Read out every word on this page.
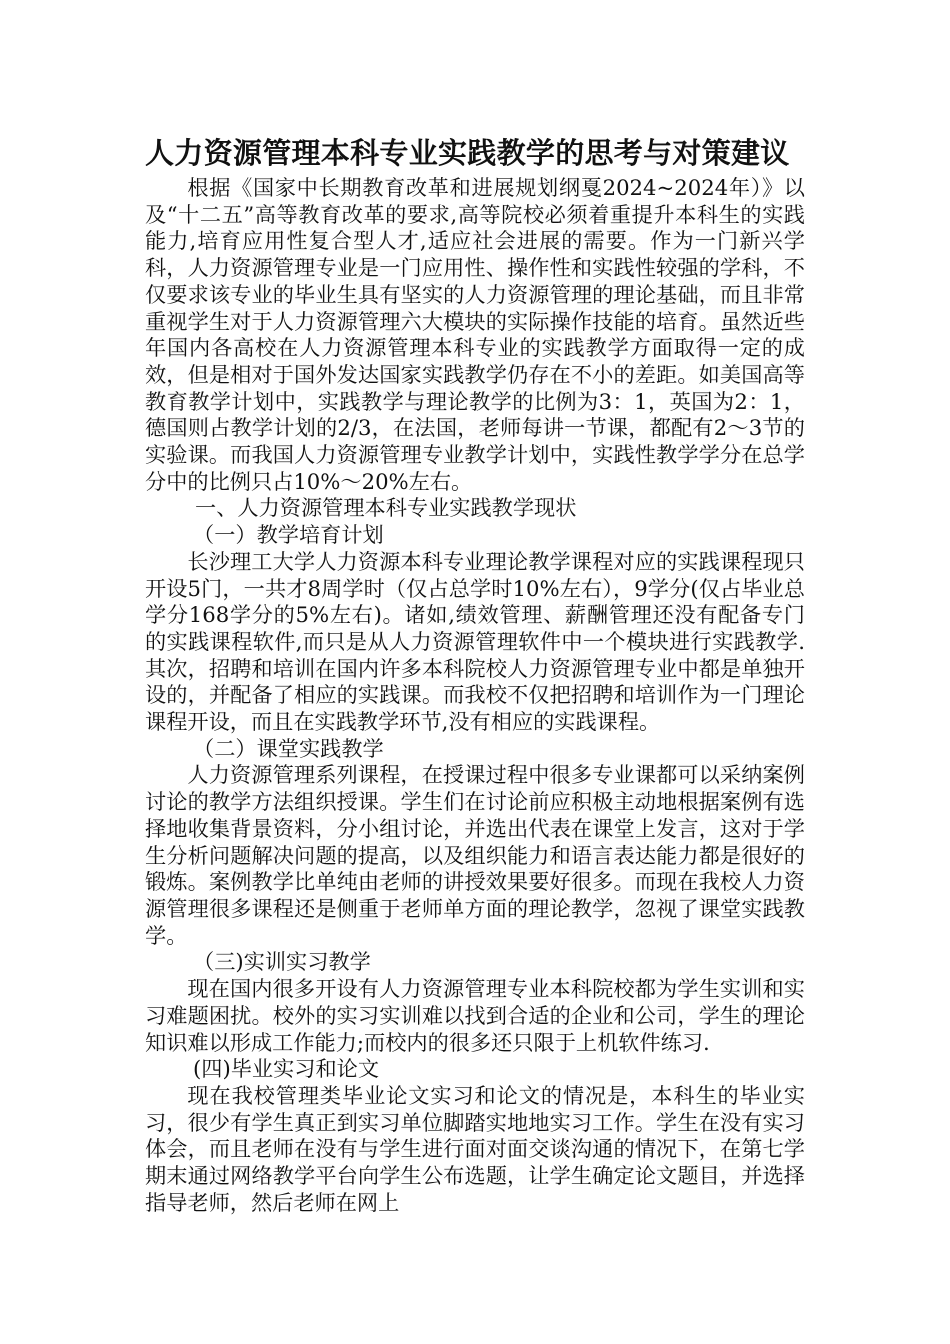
人力资源管理本科专业实践教学的思考与对策建议

根据《国家中长期教育改革和进展规划纲戛2024~2024年）》以及“十二五”高等教育改革的要求,高等院校必须着重提升本科生的实践能力,培育应用性复合型人才,适应社会进展的需要。作为一门新兴学科，人力资源管理专业是一门应用性、操作性和实践性较强的学科，不仅要求该专业的毕业生具有坚实的人力资源管理的理论基础，而且非常重视学生对于人力资源管理六大模块的实际操作技能的培育。虽然近些年国内各高校在人力资源管理本科专业的实践教学方面取得一定的成效，但是相对于国外发达国家实践教学仍存在不小的差距。如美国高等教育教学计划中，实践教学与理论教学的比例为3：1，英国为2：1，德国则占教学计划的2/3，在法国，老师每讲一节课，都配有2～3节的实验课。而我国人力资源管理专业教学计划中，实践性教学学分在总学分中的比例只占10%～20%左右。

一、人力资源管理本科专业实践教学现状

（一）教学培育计划

长沙理工大学人力资源本科专业理论教学课程对应的实践课程现只开设5门，一共才8周学时（仅占总学时10%左右），9学分(仅占毕业总学分168学分的5%左右)。诸如,绩效管理、薪酬管理还没有配备专门的实践课程软件,而只是从人力资源管理软件中一个模块进行实践教学.其次，招聘和培训在国内许多本科院校人力资源管理专业中都是单独开设的，并配备了相应的实践课。而我校不仅把招聘和培训作为一门理论课程开设，而且在实践教学环节,没有相应的实践课程。

（二）课堂实践教学

人力资源管理系列课程，在授课过程中很多专业课都可以采纳案例讨论的教学方法组织授课。学生们在讨论前应积极主动地根据案例有选择地收集背景资料，分小组讨论，并选出代表在课堂上发言，这对于学生分析问题解决问题的提高，以及组织能力和语言表达能力都是很好的锻炼。案例教学比单纯由老师的讲授效果要好很多。而现在我校人力资源管理很多课程还是侧重于老师单方面的理论教学，忽视了课堂实践教学。

（三)实训实习教学

现在国内很多开设有人力资源管理专业本科院校都为学生实训和实习难题困扰。校外的实习实训难以找到合适的企业和公司，学生的理论知识难以形成工作能力;而校内的很多还只限于上机软件练习.

(四)毕业实习和论文

现在我校管理类毕业论文实习和论文的情况是，本科生的毕业实习，很少有学生真正到实习单位脚踏实地地实习工作。学生在没有实习体会，而且老师在没有与学生进行面对面交谈沟通的情况下，在第七学期末通过网络教学平台向学生公布选题，让学生确定论文题目，并选择指导老师，然后老师在网上
